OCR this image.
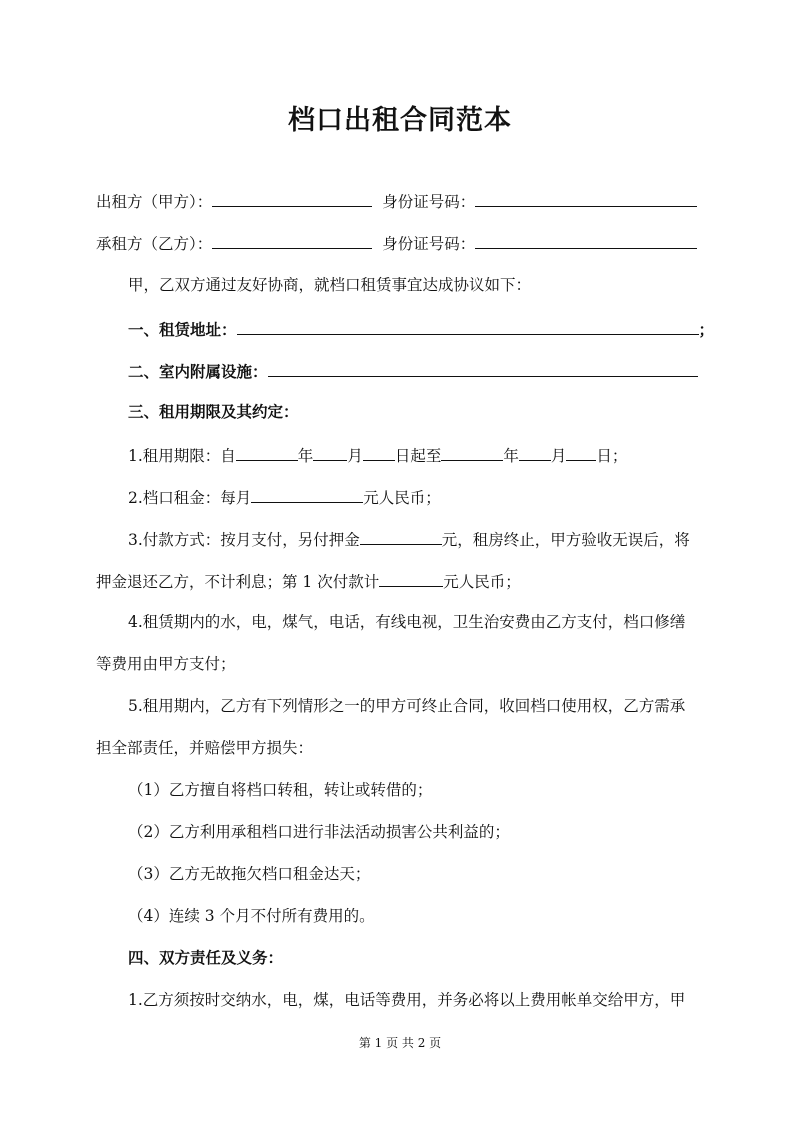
档口出租合同范本
出租方（甲方）：	身份证号码：
承租方（乙方）：	身份证号码：
甲，乙双方通过友好协商，就档口租赁事宜达成协议如下：
一、租赁地址：	；
二、室内附属设施：
三、租用期限及其约定：
1.租用期限：自	年 月 日起至	年 月 日；
2.档口租金：每月	元人民币；
3.付款方式：按月支付，另付押金	元，租房终止，甲方验收无误后，将
押金退还乙方，不计利息；第 1 次付款计	元人民币；
4.租赁期内的水，电，煤气，电话，有线电视，卫生治安费由乙方支付，档口修缮
等费用由甲方支付；
5.租用期内，乙方有下列情形之一的甲方可终止合同，收回档口使用权，乙方需承
担全部责任，并赔偿甲方损失：
（1）乙方擅自将档口转租，转让或转借的；
（2）乙方利用承租档口进行非法活动损害公共利益的；
（3）乙方无故拖欠档口租金达天；
（4）连续 3 个月不付所有费用的。
四、双方责任及义务：
1.乙方须按时交纳水，电，煤，电话等费用，并务必将以上费用帐单交给甲方，甲
第 1 页 共 2 页
